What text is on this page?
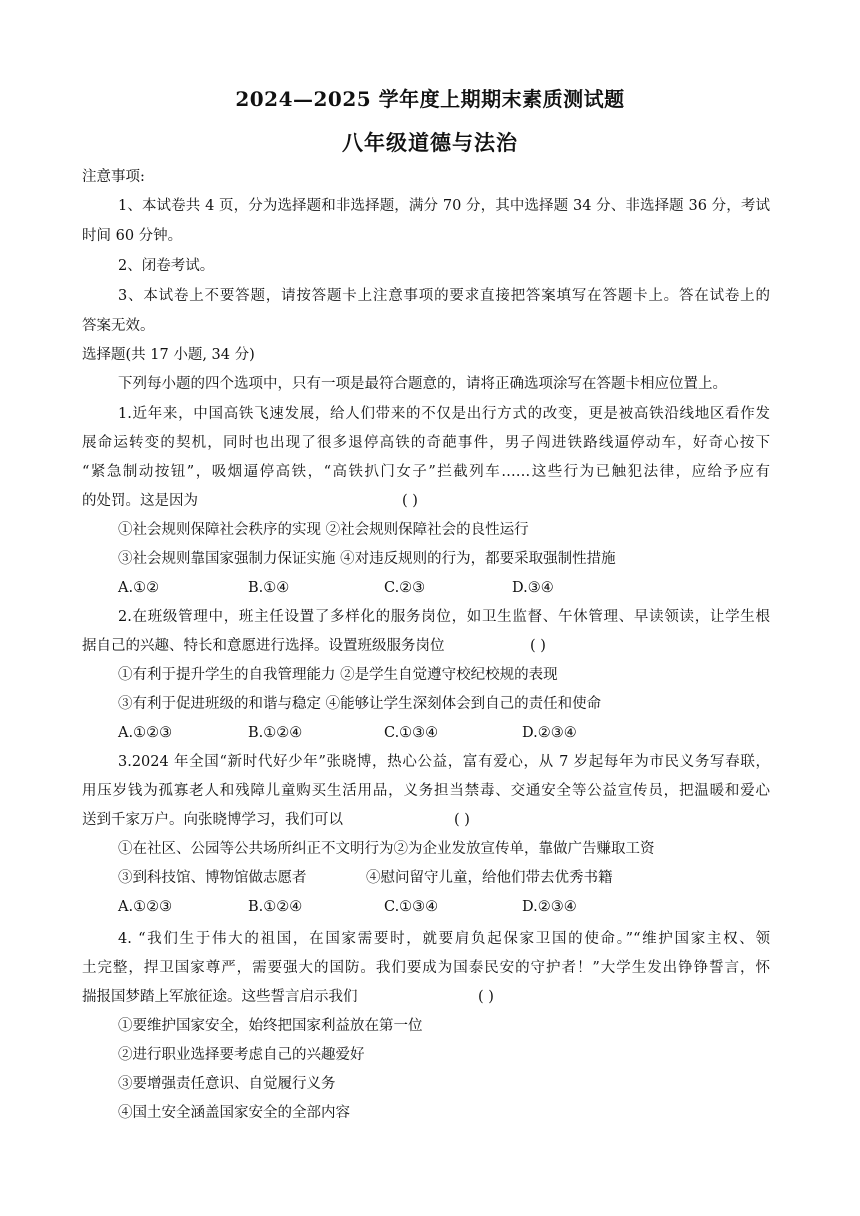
2024—2025 学年度上期期末素质测试题
八年级道德与法治
注意事项:
1、本试卷共 4 页，分为选择题和非选择题，满分 70 分，其中选择题 34 分、非选择题 36 分，考试
时间 60 分钟。
2、闭卷考试。
3、本试卷上不要答题，请按答题卡上注意事项的要求直接把答案填写在答题卡上。答在试卷上的
答案无效。
选择题(共 17 小题, 34 分)
下列每小题的四个选项中，只有一项是最符合题意的，请将正确选项涂写在答题卡相应位置上。
1.近年来，中国高铁飞速发展，给人们带来的不仅是出行方式的改变，更是被高铁沿线地区看作发
展命运转变的契机，同时也出现了很多退停高铁的奇葩事件，男子闯进铁路线逼停动车，好奇心按下
“紧急制动按钮”，吸烟逼停高铁，“高铁扒门女子”拦截列车……这些行为已触犯法律，应给予应有
的处罚。这是因为	( )
①社会规则保障社会秩序的实现 ②社会规则保障社会的良性运行
③社会规则靠国家强制力保证实施 ④对违反规则的行为，都要采取强制性措施
A.①②	B.①④	C.②③	D.③④
2.在班级管理中，班主任设置了多样化的服务岗位，如卫生监督、午休管理、早读领读，让学生根
据自己的兴趣、特长和意愿进行选择。设置班级服务岗位	( )
①有利于提升学生的自我管理能力 ②是学生自觉遵守校纪校规的表现
③有利于促进班级的和谐与稳定 ④能够让学生深刻体会到自己的责任和使命
A.①②③	B.①②④	C.①③④	D.②③④
3.2024 年全国“新时代好少年”张晓博，热心公益，富有爱心，从 7 岁起每年为市民义务写春联，
用压岁钱为孤寡老人和残障儿童购买生活用品，义务担当禁毒、交通安全等公益宣传员，把温暖和爱心
送到千家万户。向张晓博学习，我们可以	( )
①在社区、公园等公共场所纠正不文明行为②为企业发放宣传单，靠做广告赚取工资
③到科技馆、博物馆做志愿者	④慰问留守儿童，给他们带去优秀书籍
A.①②③	B.①②④	C.①③④	D.②③④
4. “我们生于伟大的祖国，在国家需要时，就要肩负起保家卫国的使命。”“维护国家主权、领
土完整，捍卫国家尊严，需要强大的国防。我们要成为国泰民安的守护者！”大学生发出铮铮誓言，怀
揣报国梦踏上军旅征途。这些誓言启示我们	( )
①要维护国家安全，始终把国家利益放在第一位
②进行职业选择要考虑自己的兴趣爱好
③要增强责任意识、自觉履行义务
④国土安全涵盖国家安全的全部内容
